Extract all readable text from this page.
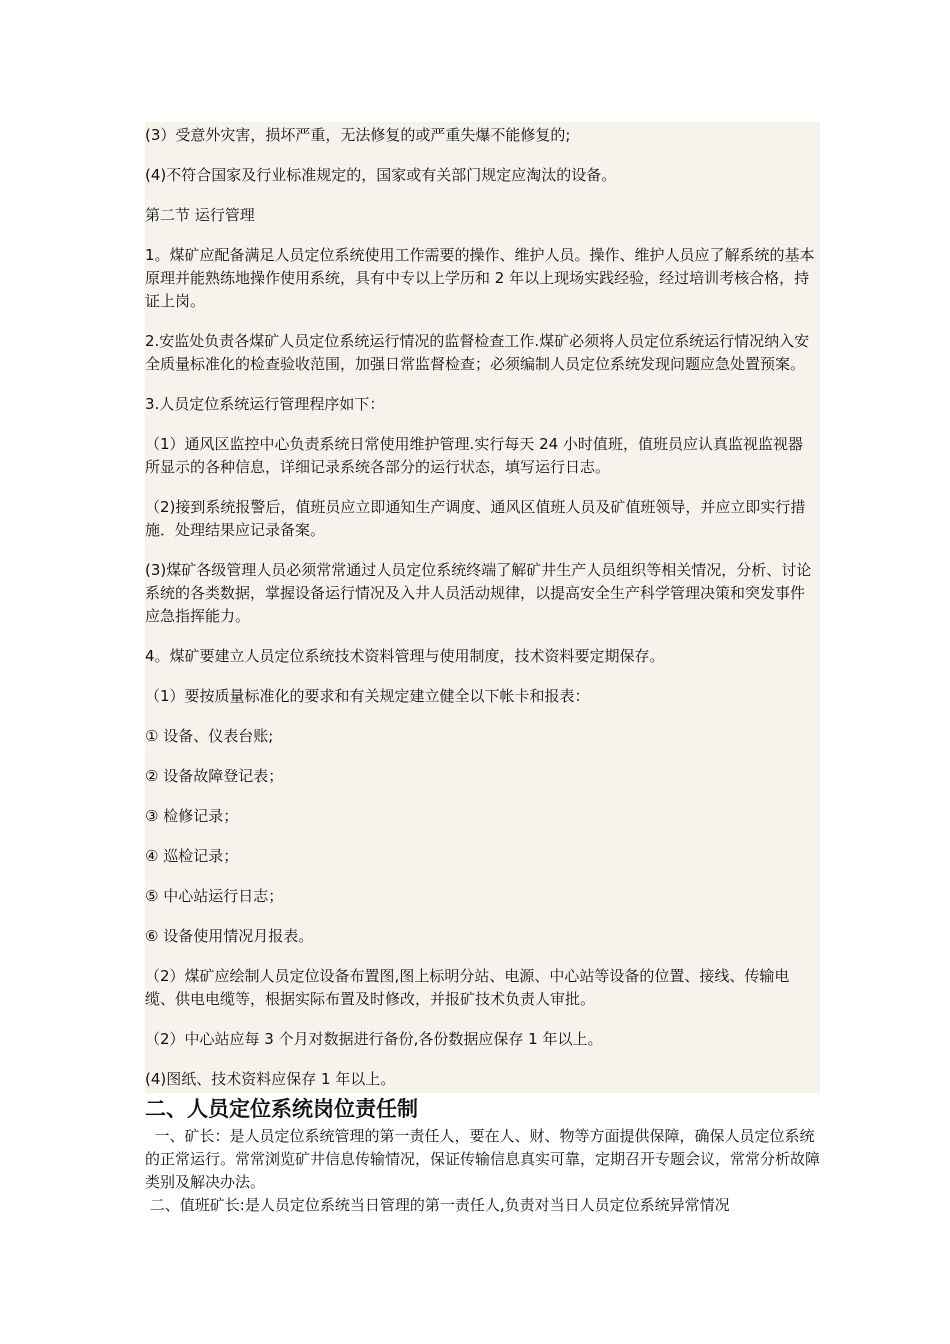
(3）受意外灾害，损坏严重，无法修复的或严重失爆不能修复的;

(4)不符合国家及行业标准规定的，国家或有关部门规定应淘汰的设备。

第二节 运行管理

1。煤矿应配备满足人员定位系统使用工作需要的操作、维护人员。操作、维护人员应了解系统的基本原理并能熟练地操作使用系统，具有中专以上学历和 2 年以上现场实践经验，经过培训考核合格，持证上岗。

2.安监处负责各煤矿人员定位系统运行情况的监督检查工作.煤矿必须将人员定位系统运行情况纳入安全质量标准化的检查验收范围，加强日常监督检查；必须编制人员定位系统发现问题应急处置预案。

3.人员定位系统运行管理程序如下：

（1）通风区监控中心负责系统日常使用维护管理.实行每天 24 小时值班，值班员应认真监视监视器所显示的各种信息，详细记录系统各部分的运行状态，填写运行日志。

（2)接到系统报警后，值班员应立即通知生产调度、通风区值班人员及矿值班领导，并应立即实行措施．处理结果应记录备案。

(3)煤矿各级管理人员必须常常通过人员定位系统终端了解矿井生产人员组织等相关情况，分析、讨论系统的各类数据，掌握设备运行情况及入井人员活动规律，以提高安全生产科学管理决策和突发事件应急指挥能力。

4。煤矿要建立人员定位系统技术资料管理与使用制度，技术资料要定期保存。

（1）要按质量标准化的要求和有关规定建立健全以下帐卡和报表：

① 设备、仪表台账;

② 设备故障登记表；

③ 检修记录；

④ 巡检记录；

⑤ 中心站运行日志；

⑥ 设备使用情况月报表。

（2）煤矿应绘制人员定位设备布置图,图上标明分站、电源、中心站等设备的位置、接线、传输电缆、供电电缆等，根据实际布置及时修改，并报矿技术负责人审批。

（2）中心站应每 3 个月对数据进行备份,各份数据应保存 1 年以上。

(4)图纸、技术资料应保存 1 年以上。

二、人员定位系统岗位责任制

一、矿长：是人员定位系统管理的第一责任人，要在人、财、物等方面提供保障，确保人员定位系统的正常运行。常常浏览矿井信息传输情况，保证传输信息真实可靠，定期召开专题会议，常常分析故障类别及解决办法。

二、值班矿长:是人员定位系统当日管理的第一责任人,负责对当日人员定位系统异常情况
